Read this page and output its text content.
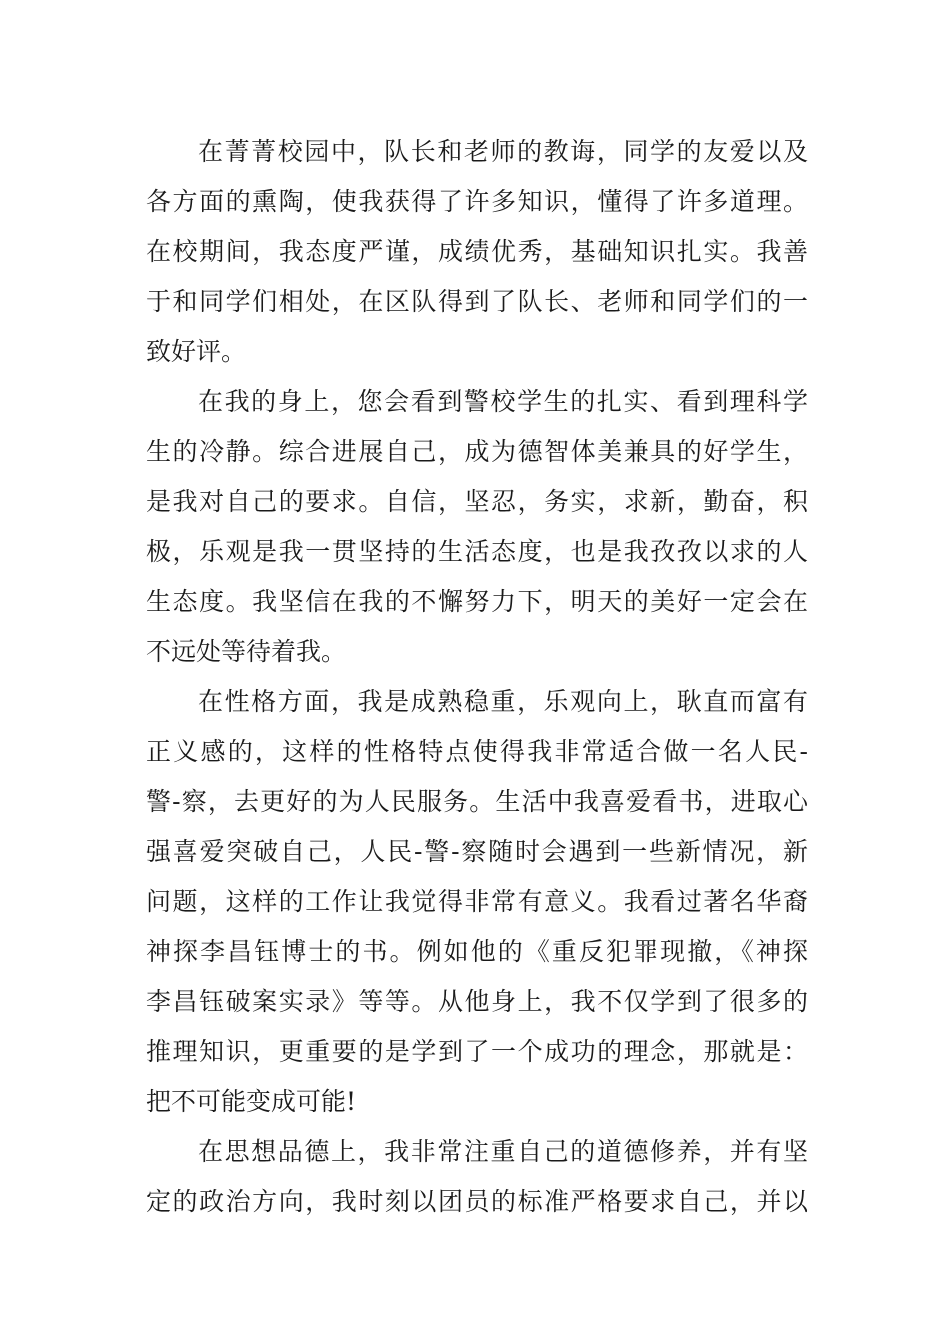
在菁菁校园中，队长和老师的教诲，同学的友爱以及
各方面的熏陶，使我获得了许多知识，懂得了许多道理。
在校期间，我态度严谨，成绩优秀，基础知识扎实。我善
于和同学们相处，在区队得到了队长、老师和同学们的一
致好评。
在我的身上，您会看到警校学生的扎实、看到理科学
生的冷静。综合进展自己，成为德智体美兼具的好学生，
是我对自己的要求。自信，坚忍，务实，求新，勤奋，积
极，乐观是我一贯坚持的生活态度，也是我孜孜以求的人
生态度。我坚信在我的不懈努力下，明天的美好一定会在
不远处等待着我。
在性格方面，我是成熟稳重，乐观向上，耿直而富有
正义感的，这样的性格特点使得我非常适合做一名人民-
警-察，去更好的为人民服务。生活中我喜爱看书，进取心
强喜爱突破自己，人民-警-察随时会遇到一些新情况，新
问题，这样的工作让我觉得非常有意义。我看过著名华裔
神探李昌钰博士的书。例如他的《重反犯罪现撤，《神探
李昌钰破案实录》等等。从他身上，我不仅学到了很多的
推理知识，更重要的是学到了一个成功的理念，那就是：
把不可能变成可能!
在思想品德上，我非常注重自己的道德修养，并有坚
定的政治方向，我时刻以团员的标准严格要求自己，并以
